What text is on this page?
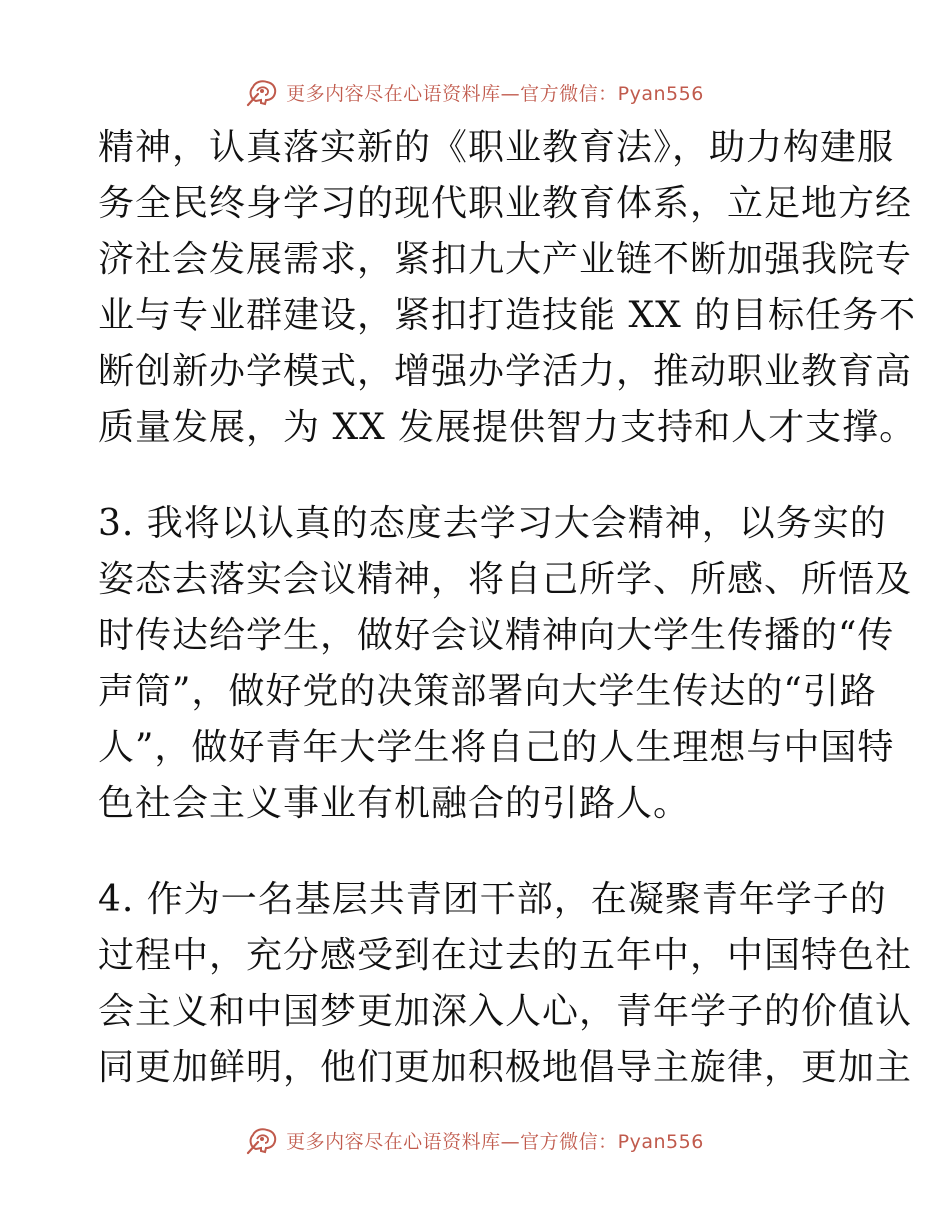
更多内容尽在心语资料库—官方微信：Pyan556
精神，认真落实新的《职业教育法》，助力构建服
务全民终身学习的现代职业教育体系，立足地方经
济社会发展需求，紧扣九大产业链不断加强我院专
业与专业群建设，紧扣打造技能 XX 的目标任务不
断创新办学模式，增强办学活力，推动职业教育高
质量发展，为 XX 发展提供智力支持和人才支撑。
3. 我将以认真的态度去学习大会精神，以务实的
姿态去落实会议精神，将自己所学、所感、所悟及
时传达给学生，做好会议精神向大学生传播的“传
声筒”，做好党的决策部署向大学生传达的“引路
人”，做好青年大学生将自己的人生理想与中国特
色社会主义事业有机融合的引路人。
4. 作为一名基层共青团干部，在凝聚青年学子的
过程中，充分感受到在过去的五年中，中国特色社
会主义和中国梦更加深入人心，青年学子的价值认
同更加鲜明，他们更加积极地倡导主旋律，更加主
更多内容尽在心语资料库—官方微信：Pyan556
